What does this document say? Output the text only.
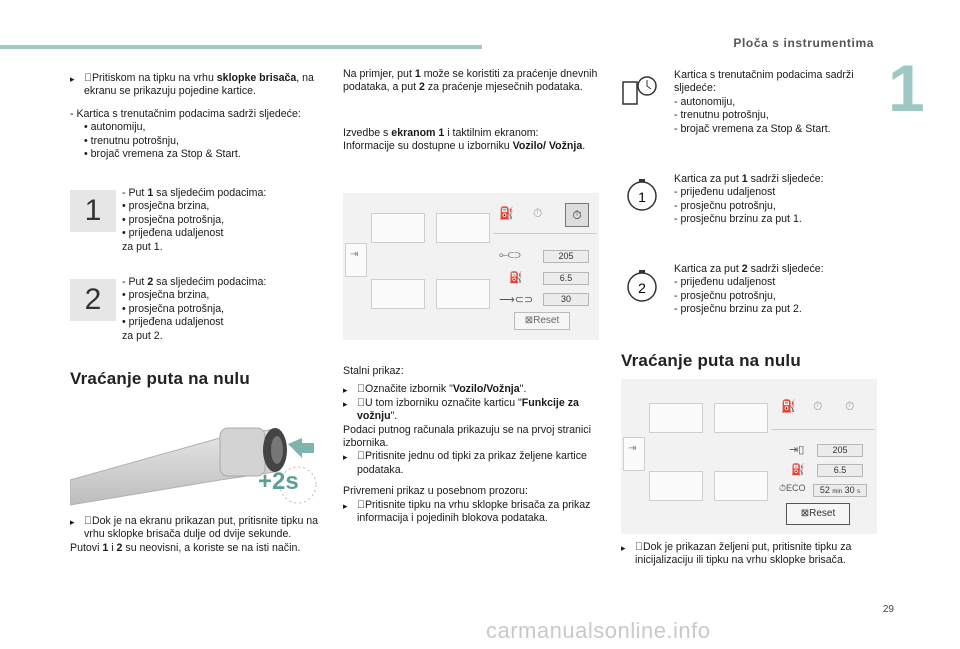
Ploča s instrumentima
1

▸ Pritiskom na tipku na vrhu sklopke brisača, na ekranu se prikazuju pojedine kartice.

- Kartica s trenutačnim podacima sadrži sljedeće:

• autonomiju,

• trenutnu potrošnju,

• brojač vremena za Stop & Start.

1

- Put 1 sa sljedećim podacima:

• prosječna brzina,

• prosječna potrošnja,

• prijeđena udaljenost

za put 1.

2

- Put 2 sa sljedećim podacima:

• prosječna brzina,

• prosječna potrošnja,

• prijeđena udaljenost

za put 2.

Vraćanje puta na nulu
+2s

▸ Dok je na ekranu prikazan put, pritisnite tipku na vrhu sklopke brisača dulje od dvije sekunde.

Putovi 1 i 2 su neovisni, a koriste se na isti način.

Na primjer, put 1 može se koristiti za praćenje dnevnih podataka, a put 2 za praćenje mjesečnih podataka.

Izvedbe s ekranom 1 i taktilnim ekranom:
Informacije su dostupne u izborniku Vozilo/ Vožnja.

⇥
⛽ ⏱	⏱
⟜⊂⊃
⛽
⟶⊂⊃
205
6.5
30
⊠Reset

Stalni prikaz:

▸ Označite izbornik "Vozilo/Vožnja".

▸ U tom izborniku označite karticu "Funkcije za vožnju".

Podaci putnog računala prikazuju se na prvoj stranici izbornika.

▸ Pritisnite jednu od tipki za prikaz željene kartice podataka.

Privremeni prikaz u posebnom prozoru:

▸ Pritisnite tipku na vrhu sklopke brisača za prikaz informacija i pojedinih blokova podataka.

Kartica s trenutačnim podacima sadrži sljedeće:

- autonomiju,

- trenutnu potrošnju,

- brojač vremena za Stop & Start.

1

Kartica za put 1 sadrži sljedeće:

- prijeđenu udaljenost

- prosječnu potrošnju,

- prosječnu brzinu za put 1.

2

Kartica za put 2 sadrži sljedeće:

- prijeđenu udaljenost

- prosječnu potrošnju,

- prosječnu brzinu za put 2.

Vraćanje puta na nulu
⇥
⛽ ⏱ ⏱
⇥▯
⛽
⏱ECO
205
6.5
52 min 30 s
⊠Reset

▸ Dok je prikazan željeni put, pritisnite tipku za inicijalizaciju ili tipku na vrhu sklopke brisača.

29
carmanualsonline.info
